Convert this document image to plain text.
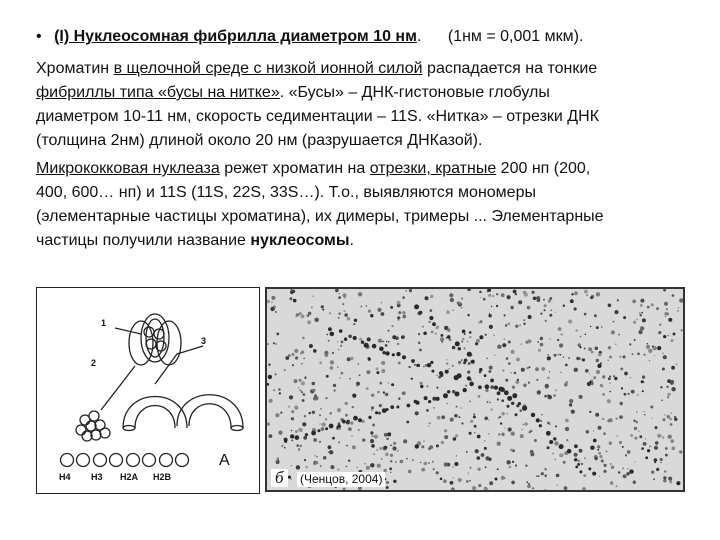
• (I) Нуклеосомная фибрилла диаметром 10 нм. (1нм = 0,001 мкм).
Хроматин в щелочной среде с низкой ионной силой распадается на тонкие
фибриллы типа «бусы на нитке». «Бусы» – ДНК-гистоновые глобулы
диаметром 10-11 нм, скорость седиментации – 11S. «Нитка» – отрезки ДНК
(толщина 2нм) длиной около 20 нм (разрушается ДНКазой).
Микрококковая нуклеаза режет хроматин на отрезки, кратные 200 нп (200,
400, 600… нп) и 11S (11S, 22S, 33S…). Т.о., выявляются мономеры
(элементарные частицы хроматина), их димеры, тримеры ... Элементарные
частицы получили название нуклеосомы.
1
2
3
H4 H3 H2A H2B
A
б	(Ченцов, 2004)
